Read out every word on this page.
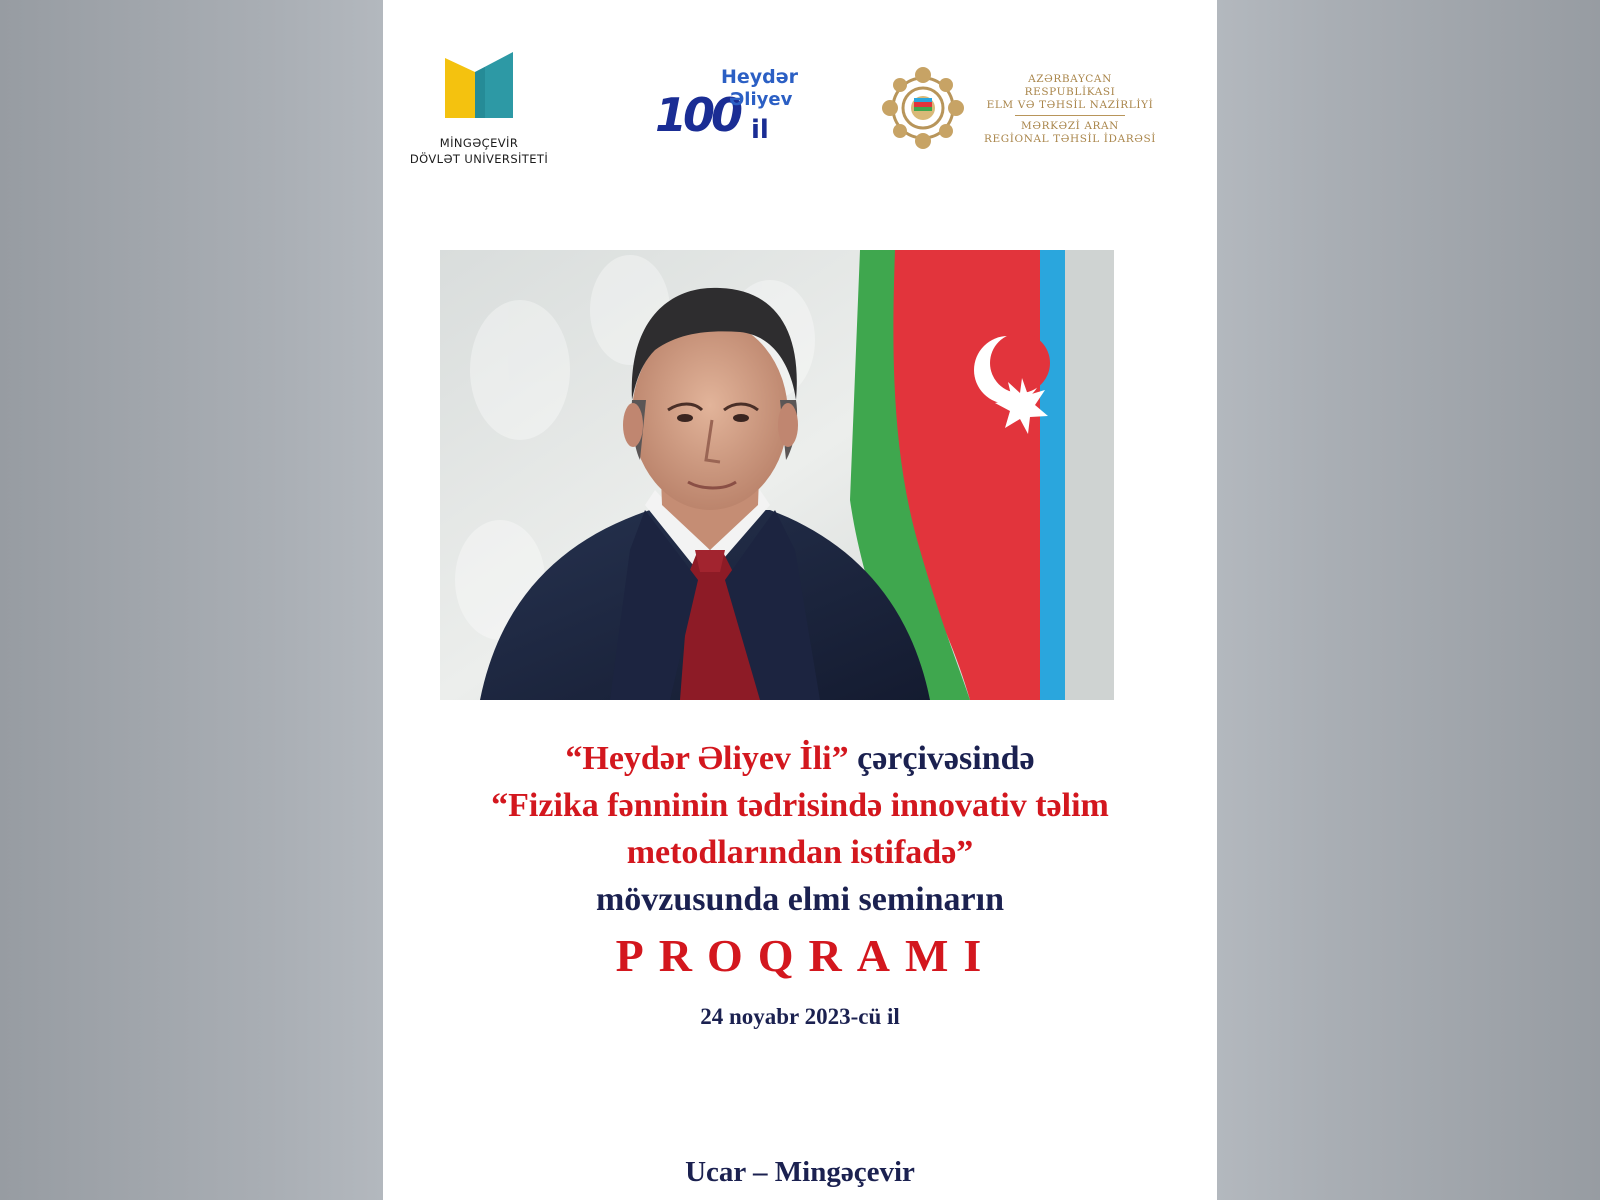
MİNGƏÇEVİR
DÖVLƏT UNİVERSİTETİ
100
Heydər
Əliyev
il
AZƏRBAYCAN RESPUBLİKASI
ELM VƏ TƏHSİL NAZİRLİYİ
MƏRKƏZİ ARAN
REGİONAL TƏHSİL İDARƏSİ
“Heydər Əliyev İli” çərçivəsində
“Fizika fənninin tədrisində innovativ təlim
metodlarından istifadə”
mövzusunda elmi seminarın
PROQRAMI
24 noyabr 2023-cü il
Ucar – Mingəçevir
